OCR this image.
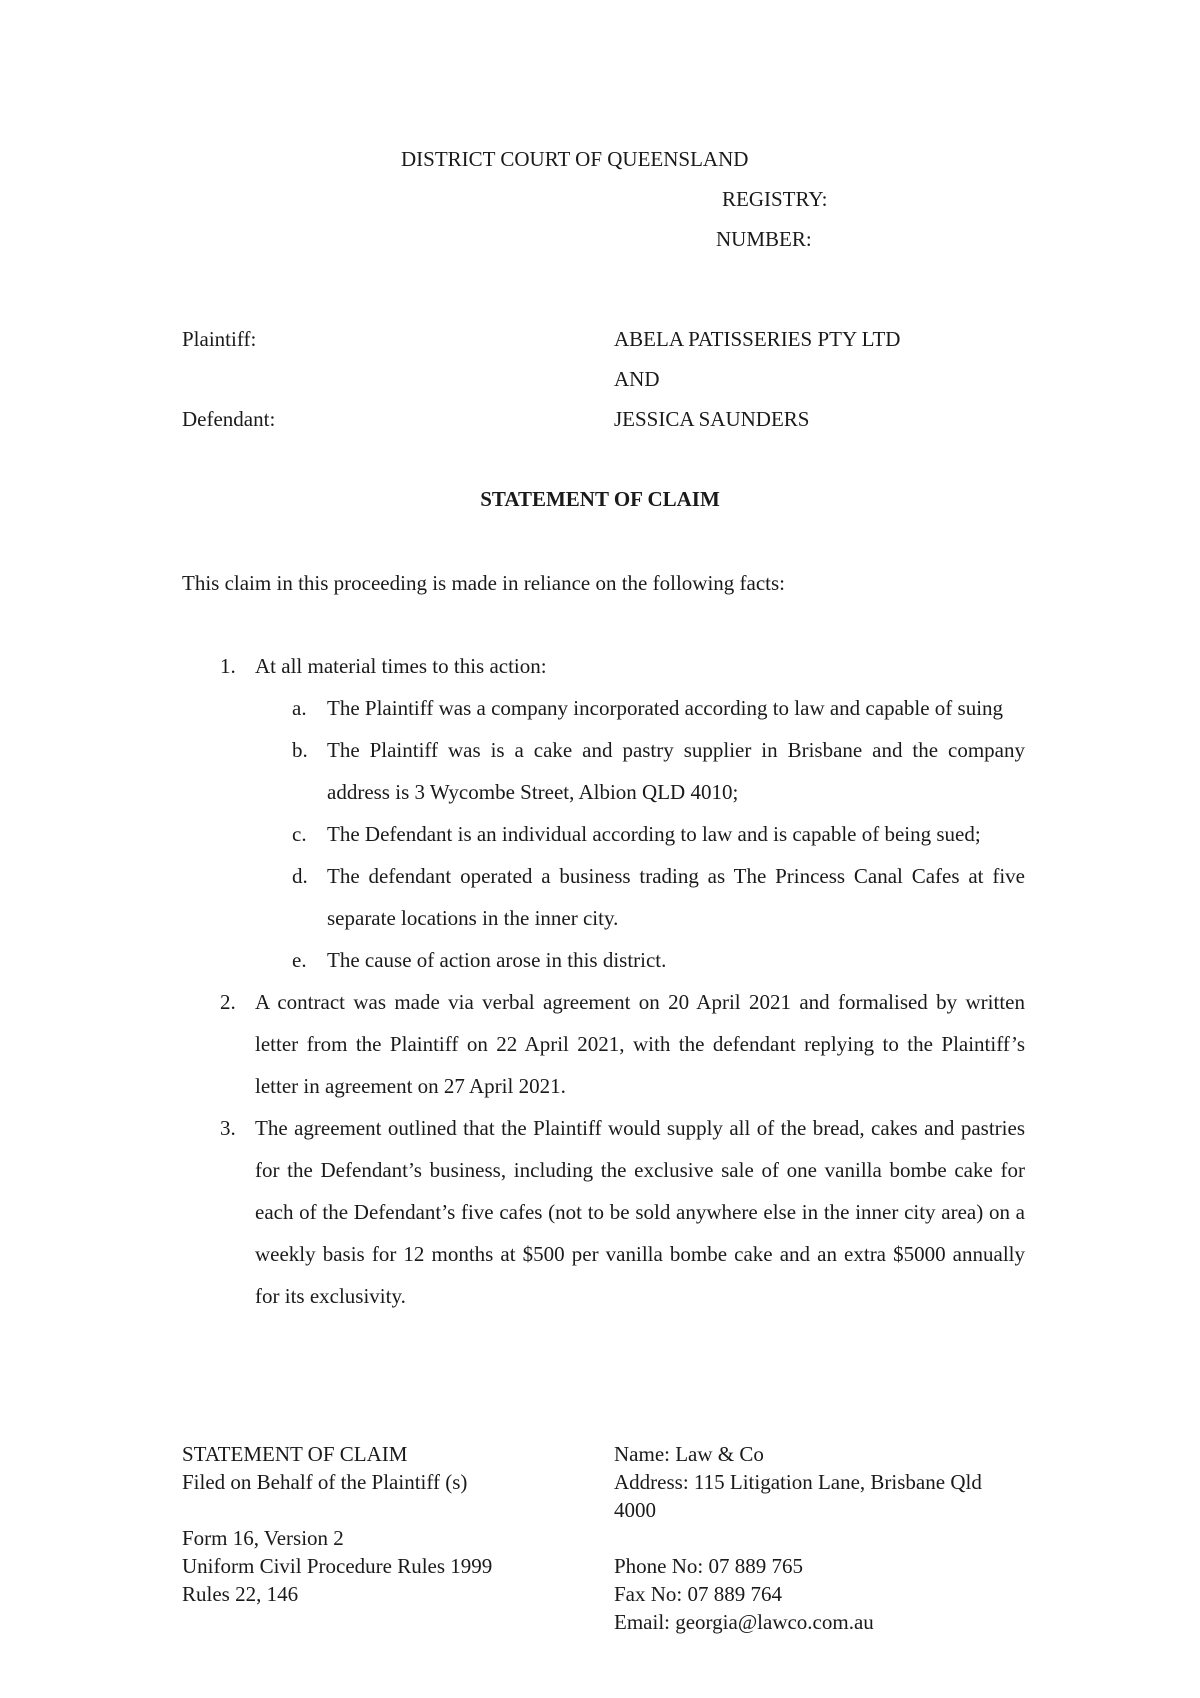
DISTRICT COURT OF QUEENSLAND
REGISTRY:
NUMBER:
Plaintiff:	ABELA PATISSERIES PTY LTD
AND
Defendant:	JESSICA SAUNDERS
STATEMENT OF CLAIM
This claim in this proceeding is made in reliance on the following facts:
1. At all material times to this action:
a. The Plaintiff was a company incorporated according to law and capable of suing
b. The Plaintiff was is a cake and pastry supplier in Brisbane and the company address is 3 Wycombe Street, Albion QLD 4010;
c. The Defendant is an individual according to law and is capable of being sued;
d. The defendant operated a business trading as The Princess Canal Cafes at five separate locations in the inner city.
e. The cause of action arose in this district.
2. A contract was made via verbal agreement on 20 April 2021 and formalised by written letter from the Plaintiff on 22 April 2021, with the defendant replying to the Plaintiff’s letter in agreement on 27 April 2021.
3. The agreement outlined that the Plaintiff would supply all of the bread, cakes and pastries for the Defendant’s business, including the exclusive sale of one vanilla bombe cake for each of the Defendant’s five cafes (not to be sold anywhere else in the inner city area) on a weekly basis for 12 months at $500 per vanilla bombe cake and an extra $5000 annually for its exclusivity.
STATEMENT OF CLAIM
Filed on Behalf of the Plaintiff (s)
Form 16, Version 2
Uniform Civil Procedure Rules 1999
Rules 22, 146
Name: Law & Co
Address: 115 Litigation Lane, Brisbane Qld 4000
Phone No: 07 889 765
Fax No: 07 889 764
Email: georgia@lawco.com.au
